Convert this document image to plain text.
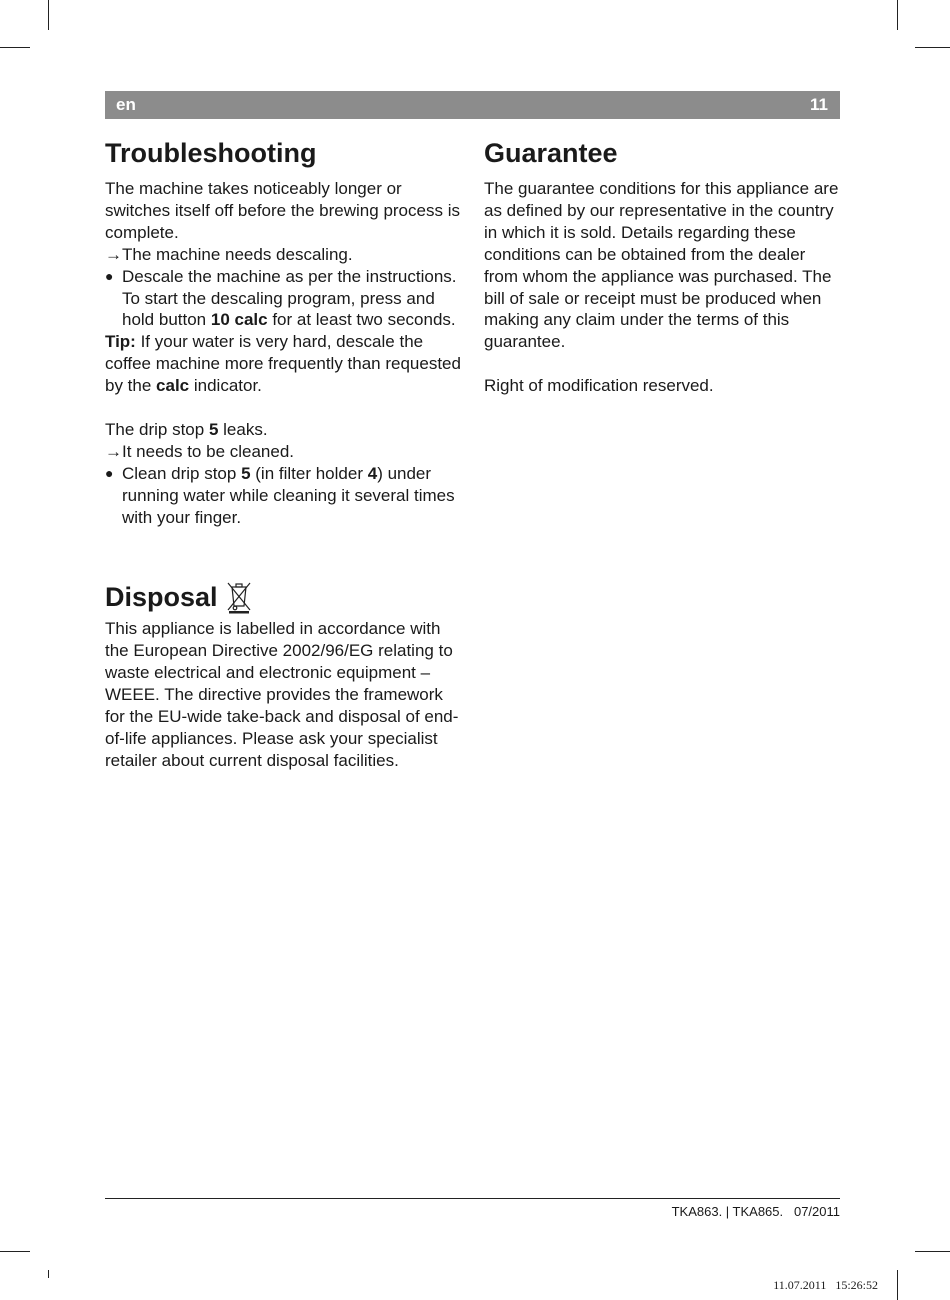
en	11
Troubleshooting

The machine takes noticeably longer or switches itself off before the brewing process is complete.

→ The machine needs descaling.
● Descale the machine as per the instructions. To start the descaling program, press and hold button 10 calc for at least two seconds.

Tip: If your water is very hard, descale the coffee machine more frequently than requested by the calc indicator.

The drip stop 5 leaks.

→ It needs to be cleaned.
● Clean drip stop 5 (in filter holder 4) under running water while cleaning it several times with your finger.
Disposal

This appliance is labelled in accordance with the European Directive 2002/96/EG relating to waste electrical and electronic equipment – WEEE. The directive provides the framework for the EU-wide take-back and disposal of end-of-life appliances. Please ask your specialist retailer about current disposal facilities.

Guarantee

The guarantee conditions for this appliance are as defined by our representative in the country in which it is sold. Details regarding these conditions can be obtained from the dealer from whom the appliance was purchased. The bill of sale or receipt must be produced when making any claim under the terms of this guarantee.

Right of modification reserved.

TKA863. | TKA865.   07/2011
11.07.2011   15:26:52
